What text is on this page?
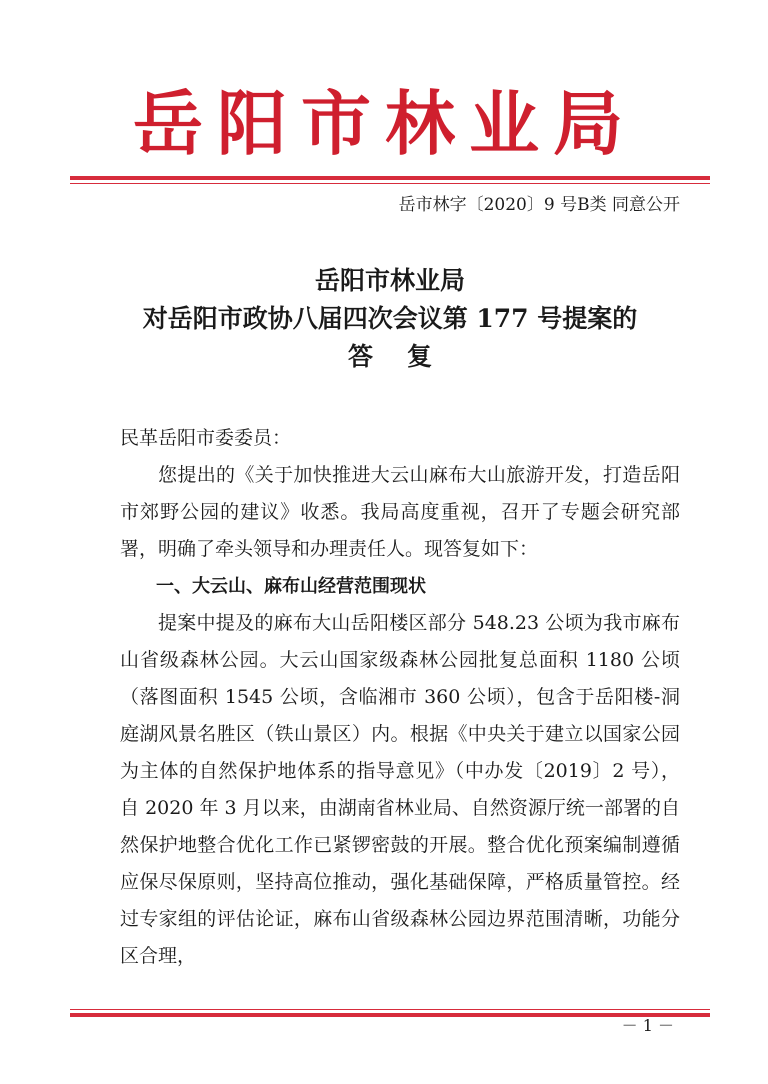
岳阳市林业局
岳市林字〔2020〕9 号B类 同意公开
岳阳市林业局
对岳阳市政协八届四次会议第 177 号提案的
答复

民革岳阳市委委员：

您提出的《关于加快推进大云山麻布大山旅游开发，打造岳阳市郊野公园的建议》收悉。我局高度重视，召开了专题会研究部署，明确了牵头领导和办理责任人。现答复如下：

一、大云山、麻布山经营范围现状

提案中提及的麻布大山岳阳楼区部分 548.23 公顷为我市麻布山省级森林公园。大云山国家级森林公园批复总面积 1180 公顷（落图面积 1545 公顷，含临湘市 360 公顷），包含于岳阳楼-洞庭湖风景名胜区（铁山景区）内。根据《中央关于建立以国家公园为主体的自然保护地体系的指导意见》（中办发〔2019〕2 号），自 2020 年 3 月以来，由湖南省林业局、自然资源厅统一部署的自然保护地整合优化工作已紧锣密鼓的开展。整合优化预案编制遵循应保尽保原则，坚持高位推动，强化基础保障，严格质量管控。经过专家组的评估论证，麻布山省级森林公园边界范围清晰，功能分区合理，

－ 1 －
